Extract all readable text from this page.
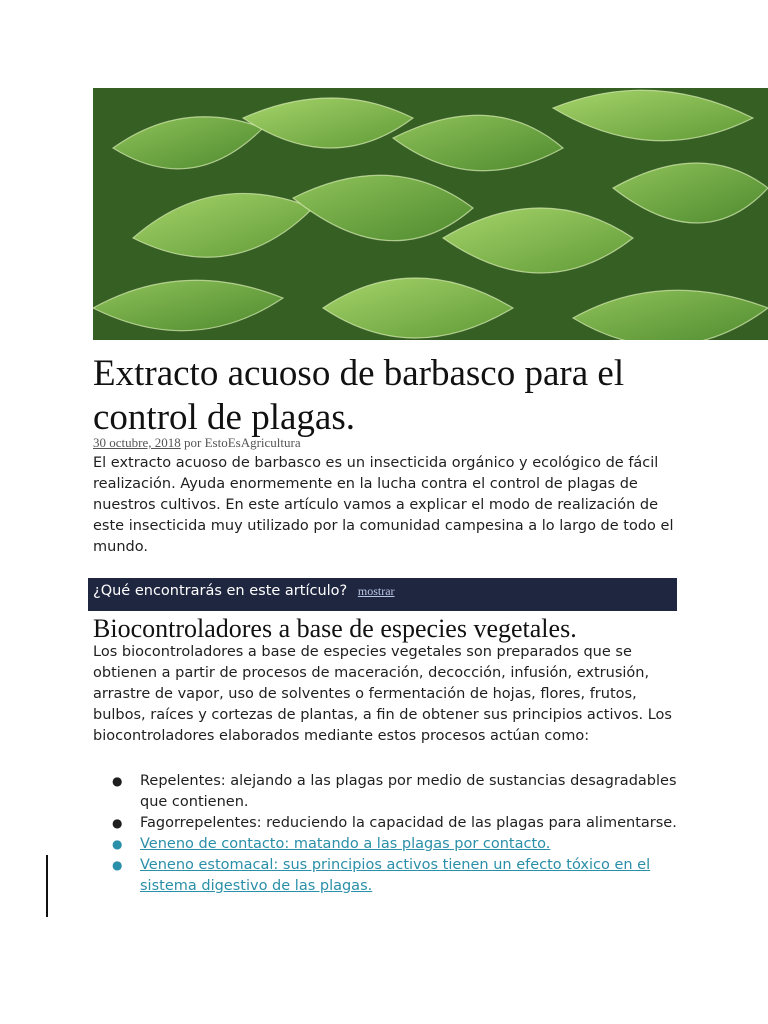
Extracto acuoso de barbasco para el control de plagas.
30 octubre, 2018 por EstoEsAgricultura

El extracto acuoso de barbasco es un insecticida orgánico y ecológico de fácil realización. Ayuda enormemente en la lucha contra el control de plagas de nuestros cultivos. En este artículo vamos a explicar el modo de realización de este insecticida muy utilizado por la comunidad campesina a lo largo de todo el mundo.

¿Qué encontrarás en este artículo? mostrar
Biocontroladores a base de especies vegetales.

Los biocontroladores a base de especies vegetales son preparados que se obtienen a partir de procesos de maceración, decocción, infusión, extrusión, arrastre de vapor, uso de solventes o fermentación de hojas, flores, frutos, bulbos, raíces y cortezas de plantas, a fin de obtener sus principios activos. Los biocontroladores elaborados mediante estos procesos actúan como:

● Repelentes: alejando a las plagas por medio de sustancias desagradables que contienen.
● Fagorrepelentes: reduciendo la capacidad de las plagas para alimentarse.
● Veneno de contacto: matando a las plagas por contacto.
● Veneno estomacal: sus principios activos tienen un efecto tóxico en el sistema digestivo de las plagas.
